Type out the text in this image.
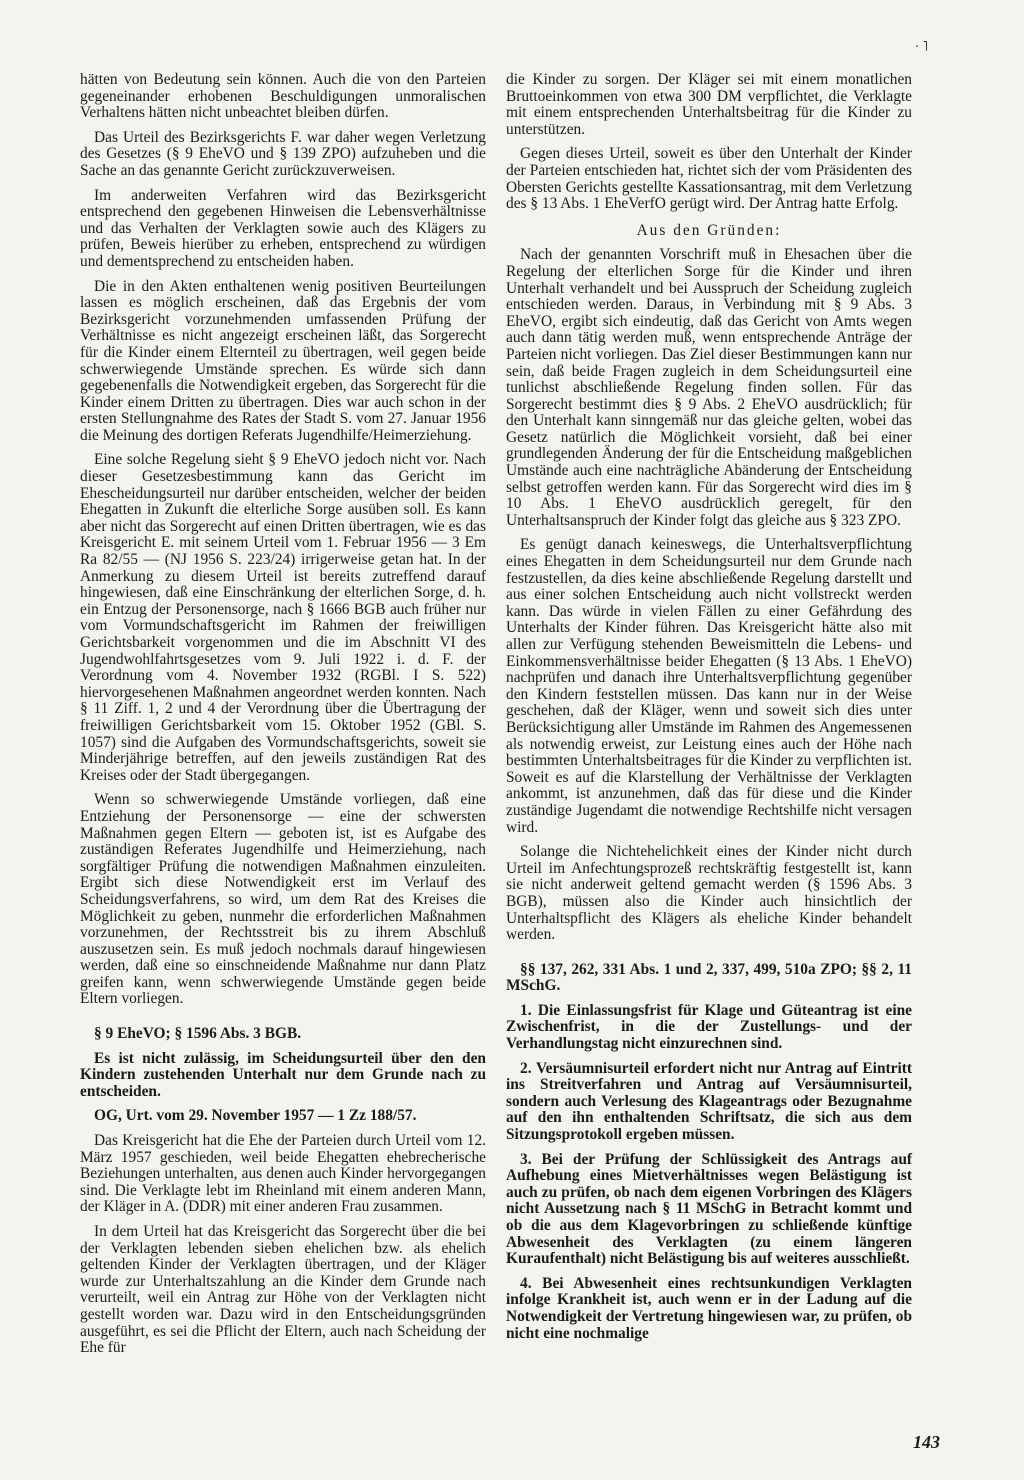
· ˥

hätten von Bedeutung sein können. Auch die von den Parteien gegeneinander erhobenen Beschuldigungen unmoralischen Verhaltens hätten nicht unbeachtet bleiben dürfen.

Das Urteil des Bezirksgerichts F. war daher wegen Verletzung des Gesetzes (§ 9 EheVO und § 139 ZPO) aufzuheben und die Sache an das genannte Gericht zurückzuverweisen.

Im anderweiten Verfahren wird das Bezirksgericht entsprechend den gegebenen Hinweisen die Lebensverhältnisse und das Verhalten der Verklagten sowie auch des Klägers zu prüfen, Beweis hierüber zu erheben, entsprechend zu würdigen und dementsprechend zu entscheiden haben.

Die in den Akten enthaltenen wenig positiven Beurteilungen lassen es möglich erscheinen, daß das Ergebnis der vom Bezirksgericht vorzunehmenden umfassenden Prüfung der Verhältnisse es nicht angezeigt erscheinen läßt, das Sorgerecht für die Kinder einem Elternteil zu übertragen, weil gegen beide schwerwiegende Umstände sprechen. Es würde sich dann gegebenenfalls die Notwendigkeit ergeben, das Sorgerecht für die Kinder einem Dritten zu übertragen. Dies war auch schon in der ersten Stellungnahme des Rates der Stadt S. vom 27. Januar 1956 die Meinung des dortigen Referats Jugendhilfe/Heimerziehung.

Eine solche Regelung sieht § 9 EheVO jedoch nicht vor. Nach dieser Gesetzesbestimmung kann das Gericht im Ehescheidungsurteil nur darüber entscheiden, welcher der beiden Ehegatten in Zukunft die elterliche Sorge ausüben soll. Es kann aber nicht das Sorgerecht auf einen Dritten übertragen, wie es das Kreisgericht E. mit seinem Urteil vom 1. Februar 1956 — 3 Em Ra 82/55 — (NJ 1956 S. 223/24) irrigerweise getan hat. In der Anmerkung zu diesem Urteil ist bereits zutreffend darauf hingewiesen, daß eine Einschränkung der elterlichen Sorge, d. h. ein Entzug der Personensorge, nach § 1666 BGB auch früher nur vom Vormundschaftsgericht im Rahmen der freiwilligen Gerichtsbarkeit vorgenommen und die im Abschnitt VI des Jugendwohlfahrtsgesetzes vom 9. Juli 1922 i. d. F. der Verordnung vom 4. November 1932 (RGBl. I S. 522) hiervorgesehenen Maßnahmen angeordnet werden konnten. Nach § 11 Ziff. 1, 2 und 4 der Verordnung über die Übertragung der freiwilligen Gerichtsbarkeit vom 15. Oktober 1952 (GBl. S. 1057) sind die Aufgaben des Vormundschaftsgerichts, soweit sie Minderjährige betreffen, auf den jeweils zuständigen Rat des Kreises oder der Stadt übergegangen.

Wenn so schwerwiegende Umstände vorliegen, daß eine Entziehung der Personensorge — eine der schwersten Maßnahmen gegen Eltern — geboten ist, ist es Aufgabe des zuständigen Referates Jugendhilfe und Heimerziehung, nach sorgfältiger Prüfung die notwendigen Maßnahmen einzuleiten. Ergibt sich diese Notwendigkeit erst im Verlauf des Scheidungsverfahrens, so wird, um dem Rat des Kreises die Möglichkeit zu geben, nunmehr die erforderlichen Maßnahmen vorzunehmen, der Rechtsstreit bis zu ihrem Abschluß auszusetzen sein. Es muß jedoch nochmals darauf hingewiesen werden, daß eine so einschneidende Maßnahme nur dann Platz greifen kann, wenn schwerwiegende Umstände gegen beide Eltern vorliegen.

§ 9 EheVO; § 1596 Abs. 3 BGB.

Es ist nicht zulässig, im Scheidungsurteil über den den Kindern zustehenden Unterhalt nur dem Grunde nach zu entscheiden.

OG, Urt. vom 29. November 1957 — 1 Zz 188/57.

Das Kreisgericht hat die Ehe der Parteien durch Urteil vom 12. März 1957 geschieden, weil beide Ehegatten ehebrecherische Beziehungen unterhalten, aus denen auch Kinder hervorgegangen sind. Die Verklagte lebt im Rheinland mit einem anderen Mann, der Kläger in A. (DDR) mit einer anderen Frau zusammen.

In dem Urteil hat das Kreisgericht das Sorgerecht über die bei der Verklagten lebenden sieben ehelichen bzw. als ehelich geltenden Kinder der Verklagten übertragen, und der Kläger wurde zur Unterhaltszahlung an die Kinder dem Grunde nach verurteilt, weil ein Antrag zur Höhe von der Verklagten nicht gestellt worden war. Dazu wird in den Entscheidungsgründen ausgeführt, es sei die Pflicht der Eltern, auch nach Scheidung der Ehe für

die Kinder zu sorgen. Der Kläger sei mit einem monatlichen Bruttoeinkommen von etwa 300 DM verpflichtet, die Verklagte mit einem entsprechenden Unterhaltsbeitrag für die Kinder zu unterstützen.

Gegen dieses Urteil, soweit es über den Unterhalt der Kinder der Parteien entschieden hat, richtet sich der vom Präsidenten des Obersten Gerichts gestellte Kassationsantrag, mit dem Verletzung des § 13 Abs. 1 EheVerfO gerügt wird. Der Antrag hatte Erfolg.

Aus den Gründen:

Nach der genannten Vorschrift muß in Ehesachen über die Regelung der elterlichen Sorge für die Kinder und ihren Unterhalt verhandelt und bei Ausspruch der Scheidung zugleich entschieden werden. Daraus, in Verbindung mit § 9 Abs. 3 EheVO, ergibt sich eindeutig, daß das Gericht von Amts wegen auch dann tätig werden muß, wenn entsprechende Anträge der Parteien nicht vorliegen. Das Ziel dieser Bestimmungen kann nur sein, daß beide Fragen zugleich in dem Scheidungsurteil eine tunlichst abschließende Regelung finden sollen. Für das Sorgerecht bestimmt dies § 9 Abs. 2 EheVO ausdrücklich; für den Unterhalt kann sinngemäß nur das gleiche gelten, wobei das Gesetz natürlich die Möglichkeit vorsieht, daß bei einer grundlegenden Änderung der für die Entscheidung maßgeblichen Umstände auch eine nachträgliche Abänderung der Entscheidung selbst getroffen werden kann. Für das Sorgerecht wird dies im § 10 Abs. 1 EheVO ausdrücklich geregelt, für den Unterhaltsanspruch der Kinder folgt das gleiche aus § 323 ZPO.

Es genügt danach keineswegs, die Unterhaltsverpflichtung eines Ehegatten in dem Scheidungsurteil nur dem Grunde nach festzustellen, da dies keine abschließende Regelung darstellt und aus einer solchen Entscheidung auch nicht vollstreckt werden kann. Das würde in vielen Fällen zu einer Gefährdung des Unterhalts der Kinder führen. Das Kreisgericht hätte also mit allen zur Verfügung stehenden Beweismitteln die Lebens- und Einkommensverhältnisse beider Ehegatten (§ 13 Abs. 1 EheVO) nachprüfen und danach ihre Unterhaltsverpflichtung gegenüber den Kindern feststellen müssen. Das kann nur in der Weise geschehen, daß der Kläger, wenn und soweit sich dies unter Berücksichtigung aller Umstände im Rahmen des Angemessenen als notwendig erweist, zur Leistung eines auch der Höhe nach bestimmten Unterhaltsbeitrages für die Kinder zu verpflichten ist. Soweit es auf die Klarstellung der Verhältnisse der Verklagten ankommt, ist anzunehmen, daß das für diese und die Kinder zuständige Jugendamt die notwendige Rechtshilfe nicht versagen wird.

Solange die Nichtehelichkeit eines der Kinder nicht durch Urteil im Anfechtungsprozeß rechtskräftig festgestellt ist, kann sie nicht anderweit geltend gemacht werden (§ 1596 Abs. 3 BGB), müssen also die Kinder auch hinsichtlich der Unterhaltspflicht des Klägers als eheliche Kinder behandelt werden.

§§ 137, 262, 331 Abs. 1 und 2, 337, 499, 510a ZPO; §§ 2, 11 MSchG.

1. Die Einlassungsfrist für Klage und Güteantrag ist eine Zwischenfrist, in die der Zustellungs- und der Verhandlungstag nicht einzurechnen sind.

2. Versäumnisurteil erfordert nicht nur Antrag auf Eintritt ins Streitverfahren und Antrag auf Versäumnisurteil, sondern auch Verlesung des Klageantrags oder Bezugnahme auf den ihn enthaltenden Schriftsatz, die sich aus dem Sitzungsprotokoll ergeben müssen.

3. Bei der Prüfung der Schlüssigkeit des Antrags auf Aufhebung eines Mietverhältnisses wegen Belästigung ist auch zu prüfen, ob nach dem eigenen Vorbringen des Klägers nicht Aussetzung nach § 11 MSchG in Betracht kommt und ob die aus dem Klagevorbringen zu schließende künftige Abwesenheit des Verklagten (zu einem längeren Kuraufenthalt) nicht Belästigung bis auf weiteres ausschließt.

4. Bei Abwesenheit eines rechtsunkundigen Verklagten infolge Krankheit ist, auch wenn er in der Ladung auf die Notwendigkeit der Vertretung hingewiesen war, zu prüfen, ob nicht eine nochmalige

143
